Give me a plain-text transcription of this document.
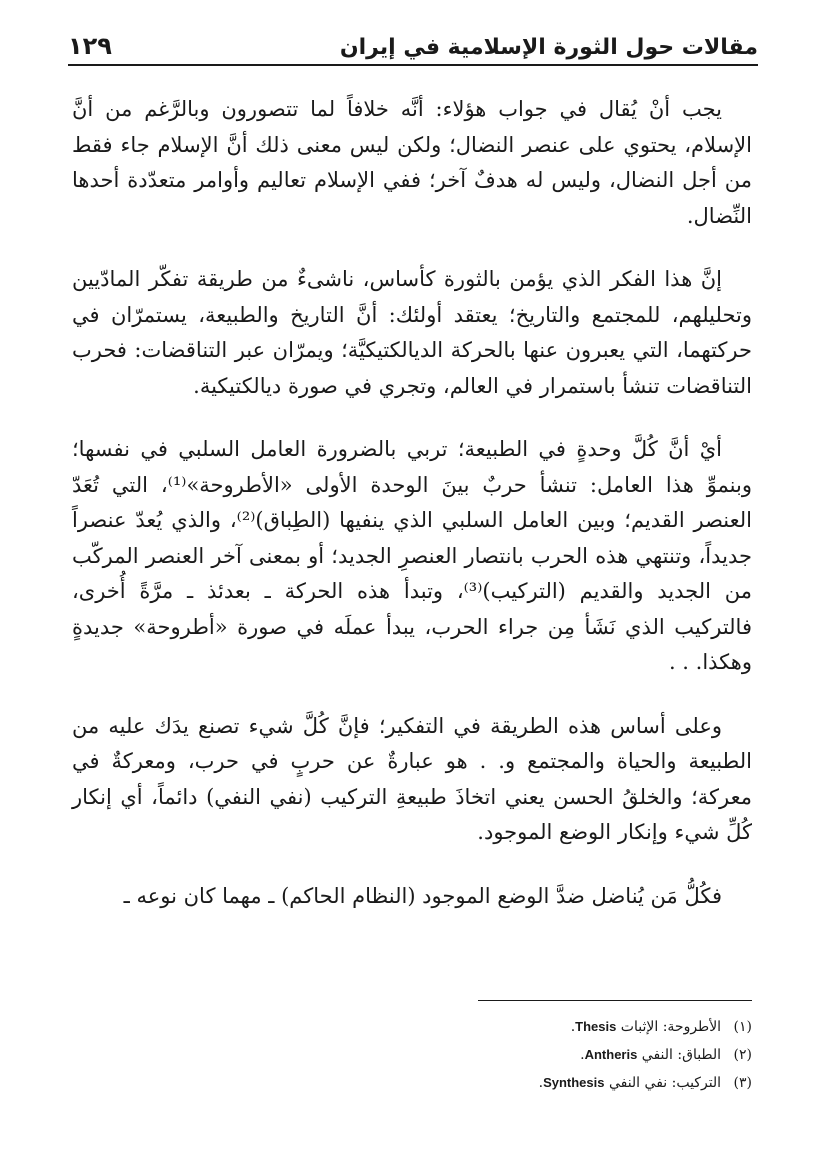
١٢٩	مقالات حول الثورة الإسلامية في إيران

يجب أنْ يُقال في جواب هؤلاء: أنَّه خلافاً لما تتصورون وبالرَّغم من أنَّ الإسلام، يحتوي على عنصر النضال؛ ولكن ليس معنى ذلك أنَّ الإسلام جاء فقط من أجل النضال، وليس له هدفٌ آخر؛ ففي الإسلام تعاليم وأوامر متعدّدة أحدها النِّضال.

إنَّ هذا الفكر الذي يؤمن بالثورة كأساس، ناشىءٌ من طريقة تفكّر المادّيين وتحليلهم، للمجتمع والتاريخ؛ يعتقد أولئك: أنَّ التاريخ والطبيعة، يستمرّان في حركتهما، التي يعبرون عنها بالحركة الديالكتيكيَّة؛ ويمرّان عبر التناقضات: فحرب التناقضات تنشأ باستمرار في العالم، وتجري في صورة ديالكتيكية.

أيْ أنَّ كُلَّ وحدةٍ في الطبيعة؛ تربي بالضرورة العامل السلبي في نفسها؛ وبنموِّ هذا العامل: تنشأ حربٌ بينَ الوحدة الأولى «الأطروحة»⁽¹⁾، التي تُعَدّ العنصر القديم؛ وبين العامل السلبي الذي ينفيها (الطِباق)⁽²⁾، والذي يُعدّ عنصراً جديداً، وتنتهي هذه الحرب بانتصار العنصرِ الجديد؛ أو بمعنى آخر العنصر المركّب من الجديد والقديم (التركيب)⁽³⁾، وتبدأ هذه الحركة ـ بعدئذ ـ مرَّةً أُخرى، فالتركيب الذي نَشَأ مِن جراء الحرب، يبدأ عملَه في صورة «أطروحة» جديدةٍ وهكذا. . .

وعلى أساس هذه الطريقة في التفكير؛ فإنَّ كُلَّ شيء تصنع يدَك عليه من الطبيعة والحياة والمجتمع و. . هو عبارةٌ عن حربٍ في حرب، ومعركةٌ في معركة؛ والخلقُ الحسن يعني اتخاذَ طبيعةِ التركيب (نفي النفي) دائماً، أي إنكار كُلِّ شيء وإنكار الوضع الموجود.

فكُلُّ مَن يُناضل ضدَّ الوضع الموجود (النظام الحاكم) ـ مهما كان نوعه ـ

(١) الأطروحة: الإثبات Thesis.
(٢) الطباق: النفي Antheris.
(٣) التركيب: نفي النفي Synthesis.
